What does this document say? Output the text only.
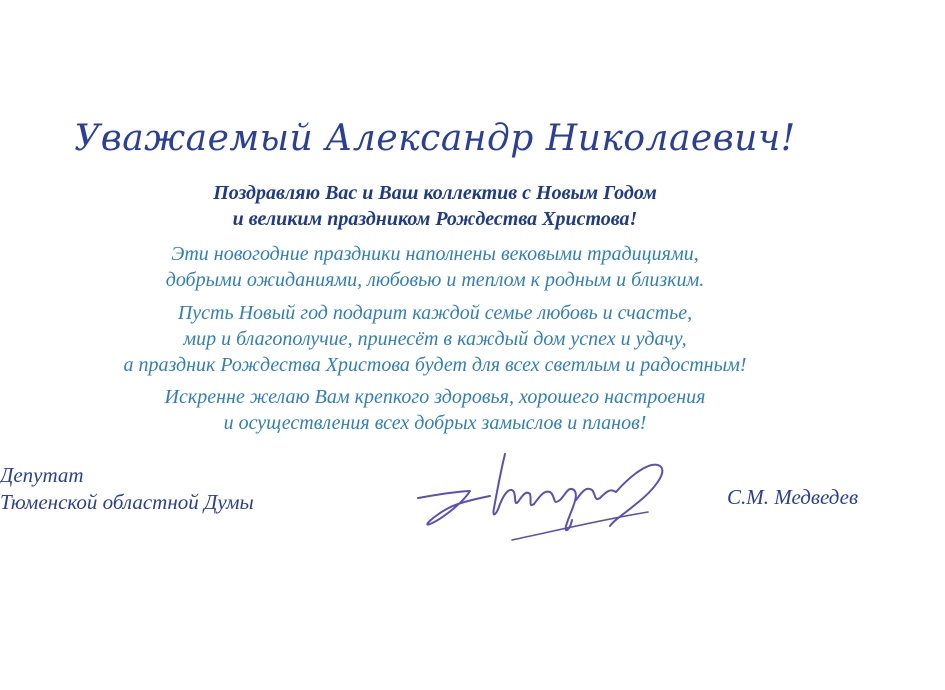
Уважаемый Александр Николаевич!
Поздравляю Вас и Ваш коллектив с Новым Годом
и великим праздником Рождества Христова!
Эти новогодние праздники наполнены вековыми традициями,
добрыми ожиданиями, любовью и теплом к родным и близким.
Пусть Новый год подарит каждой семье любовь и счастье,
мир и благополучие, принесёт в каждый дом успех и удачу,
а праздник Рождества Христова будет для всех светлым и радостным!
Искренне желаю Вам крепкого здоровья, хорошего настроения
и осуществления всех добрых замыслов и планов!
Депутат
Тюменской областной Думы	С.М. Медведев
